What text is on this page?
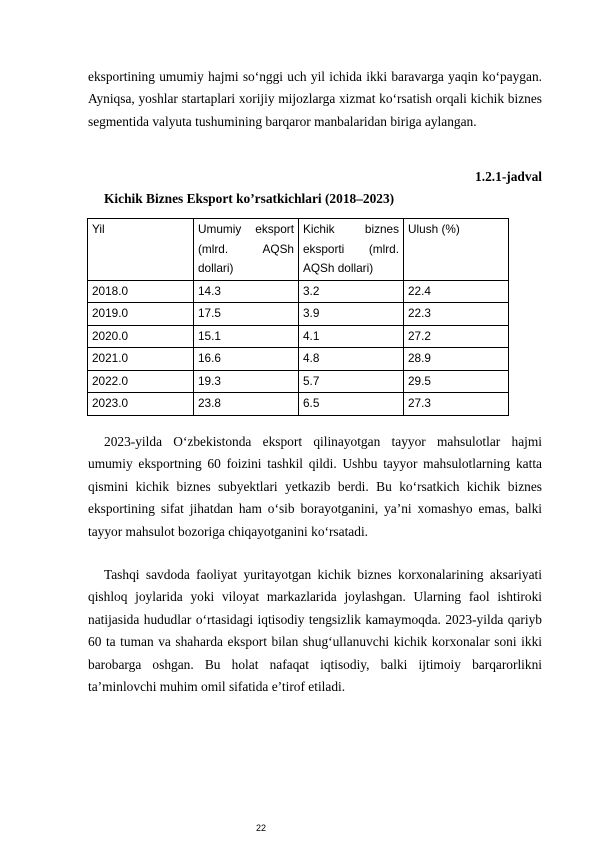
eksportining umumiy hajmi so‘nggi uch yil ichida ikki baravarga yaqin ko‘paygan. Ayniqsa, yoshlar startaplari xorijiy mijozlarga xizmat ko‘rsatish orqali kichik biznes segmentida valyuta tushumining barqaror manbalaridan biriga aylangan.

1.2.1-jadval
Kichik Biznes Eksport ko’rsatkichlari (2018–2023)
Yil	Umumiy eksport (mlrd. AQSh dollari)	Kichik biznes eksporti (mlrd. AQSh dollari)	Ulush (%)
2018.0	14.3	3.2	22.4
2019.0	17.5	3.9	22.3
2020.0	15.1	4.1	27.2
2021.0	16.6	4.8	28.9
2022.0	19.3	5.7	29.5
2023.0	23.8	6.5	27.3

2023-yilda O‘zbekistonda eksport qilinayotgan tayyor mahsulotlar hajmi umumiy eksportning 60 foizini tashkil qildi. Ushbu tayyor mahsulotlarning katta qismini kichik biznes subyektlari yetkazib berdi. Bu ko‘rsatkich kichik biznes eksportining sifat jihatdan ham o‘sib borayotganini, ya’ni xomashyo emas, balki tayyor mahsulot bozoriga chiqayotganini ko‘rsatadi.

Tashqi savdoda faoliyat yuritayotgan kichik biznes korxonalarining aksariyati qishloq joylarida yoki viloyat markazlarida joylashgan. Ularning faol ishtiroki natijasida hududlar o‘rtasidagi iqtisodiy tengsizlik kamaymoqda. 2023-yilda qariyb 60 ta tuman va shaharda eksport bilan shug‘ullanuvchi kichik korxonalar soni ikki barobarga oshgan. Bu holat nafaqat iqtisodiy, balki ijtimoiy barqarorlikni ta’minlovchi muhim omil sifatida e’tirof etiladi.

22
